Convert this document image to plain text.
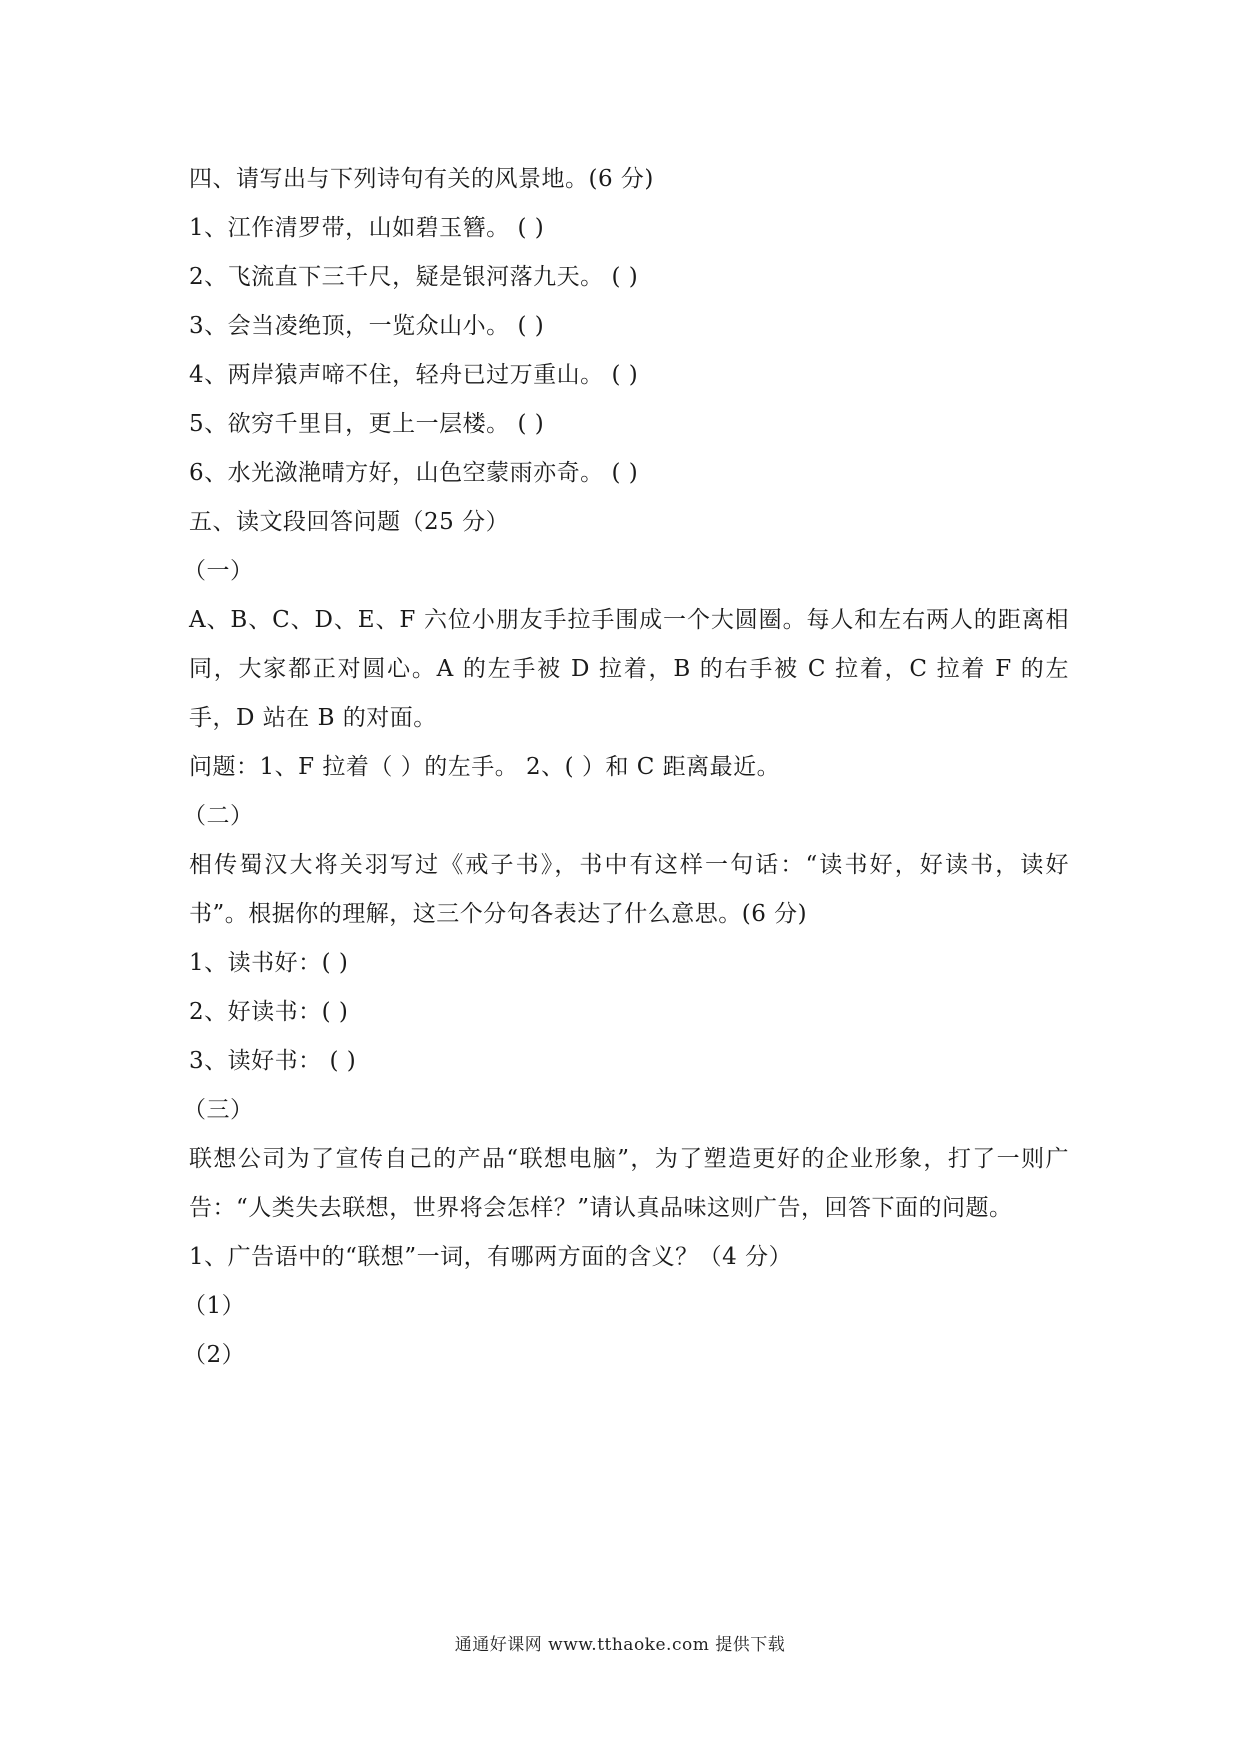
四、请写出与下列诗句有关的风景地。(6 分)
1、江作清罗带，山如碧玉簪。 ( )
2、飞流直下三千尺，疑是银河落九天。 ( )
3、会当凌绝顶，一览众山小。 ( )
4、两岸猿声啼不住，轻舟已过万重山。 ( )
5、欲穷千里目，更上一层楼。 ( )
6、水光潋滟晴方好，山色空蒙雨亦奇。 ( )
五、读文段回答问题（25 分）
（一）
A、B、C、D、E、F 六位小朋友手拉手围成一个大圆圈。每人和左右两人的距离相同，大家都正对圆心。A 的左手被 D 拉着，B 的右手被 C 拉着，C 拉着 F 的左手，D 站在 B 的对面。
问题：1、F 拉着（ ）的左手。 2、( ）和 C 距离最近。
（二）
相传蜀汉大将关羽写过《戒子书》，书中有这样一句话：“读书好，好读书，读好书”。根据你的理解，这三个分句各表达了什么意思。(6 分)
1、读书好：( )
2、好读书：( )
3、读好书： ( )
（三）
联想公司为了宣传自己的产品“联想电脑”，为了塑造更好的企业形象，打了一则广告：“人类失去联想，世界将会怎样？”请认真品味这则广告，回答下面的问题。
1、广告语中的“联想”一词，有哪两方面的含义？（4 分）
（1）
（2）
通通好课网 www.tthaoke.com 提供下载
